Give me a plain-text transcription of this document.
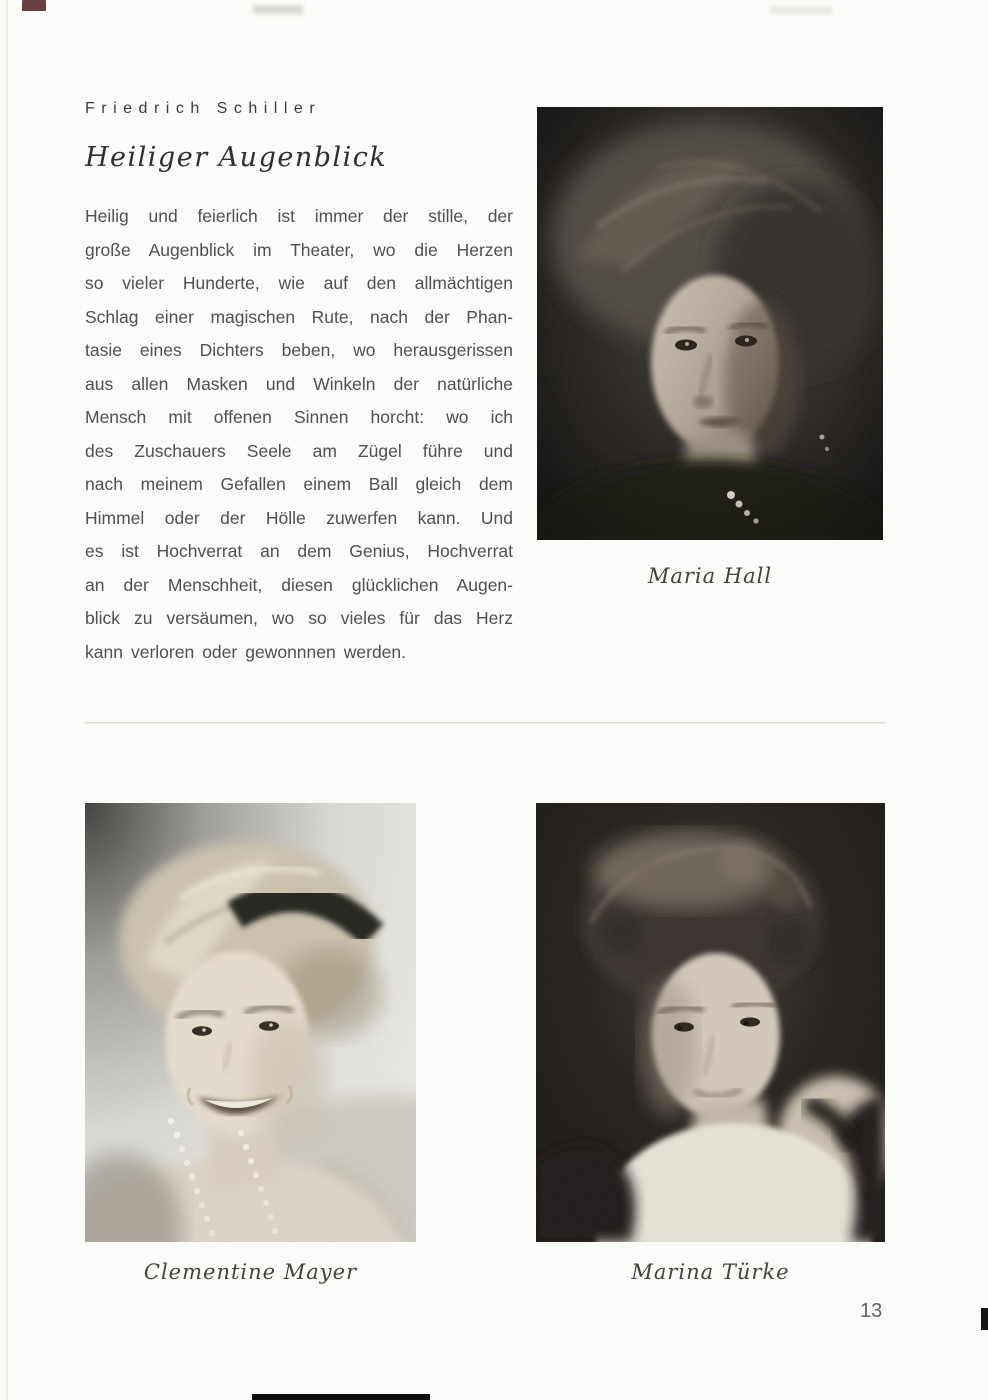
Friedrich Schiller
Heiliger Augenblick
Heilig und feierlich ist immer der stille, der
große Augenblick im Theater, wo die Herzen
so vieler Hunderte, wie auf den allmächtigen
Schlag einer magischen Rute, nach der Phan-
tasie eines Dichters beben, wo herausgerissen
aus allen Masken und Winkeln der natürliche
Mensch mit offenen Sinnen horcht: wo ich
des Zuschauers Seele am Zügel führe und
nach meinem Gefallen einem Ball gleich dem
Himmel oder der Hölle zuwerfen kann. Und
es ist Hochverrat an dem Genius, Hochverrat
an der Menschheit, diesen glücklichen Augen-
blick zu versäumen, wo so vieles für das Herz
kann verloren oder gewonnnen werden.
Maria Hall
Clementine Mayer	Marina Türke
13
